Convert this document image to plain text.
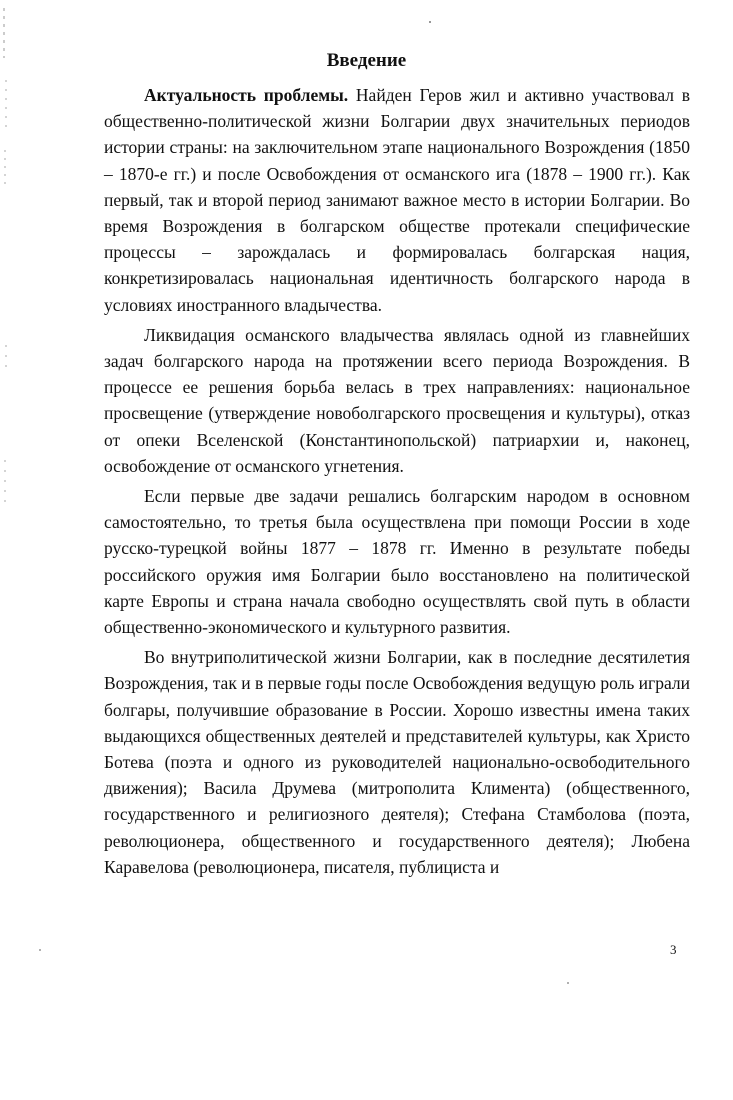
Введение

Актуальность проблемы. Найден Геров жил и активно участвовал в общественно-политической жизни Болгарии двух значительных периодов истории страны: на заключительном этапе национального Возрождения (1850 – 1870-е гг.) и после Освобождения от османского ига (1878 – 1900 гг.). Как первый, так и второй период занимают важное место в истории Болгарии. Во время Возрождения в болгарском обществе протекали специфические процессы – зарождалась и формировалась болгарская нация, конкретизировалась национальная идентичность болгарского народа в условиях иностранного владычества.

Ликвидация османского владычества являлась одной из главнейших задач болгарского народа на протяжении всего периода Возрождения. В процессе ее решения борьба велась в трех направлениях: национальное просвещение (утверждение новоболгарского просвещения и культуры), отказ от опеки Вселенской (Константинопольской) патриархии и, наконец, освобождение от османского угнетения.

Если первые две задачи решались болгарским народом в основном самостоятельно, то третья была осуществлена при помощи России в ходе русско-турецкой войны 1877 – 1878 гг. Именно в результате победы российского оружия имя Болгарии было восстановлено на политической карте Европы и страна начала свободно осуществлять свой путь в области общественно-экономического и культурного развития.

Во внутриполитической жизни Болгарии, как в последние десятилетия Возрождения, так и в первые годы после Освобождения ведущую роль играли болгары, получившие образование в России. Хорошо известны имена таких выдающихся общественных деятелей и представителей культуры, как Христо Ботева (поэта и одного из руководителей национально-освободительного движения); Васила Друмева (митрополита Климента) (общественного, государственного и религиозного деятеля); Стефана Стамболова (поэта, революционера, общественного и государственного деятеля); Любена Каравелова (революционера, писателя, публициста и

3
